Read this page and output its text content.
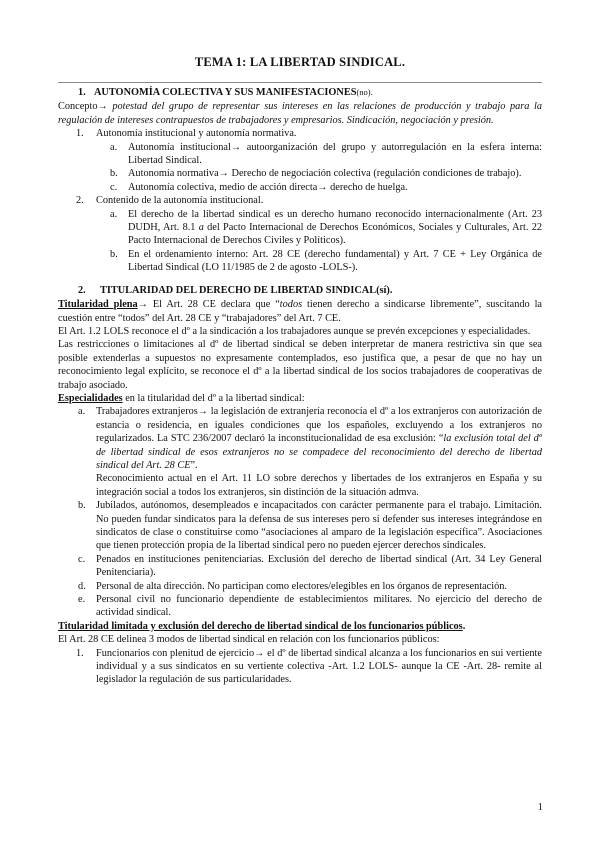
TEMA 1: LA LIBERTAD SINDICAL.

1. AUTONOMÍA COLECTIVA Y SUS MANIFESTACIONES(no).

Concepto→ potestad del grupo de representar sus intereses en las relaciones de producción y trabajo para la regulación de intereses contrapuestos de trabajadores y empresarios. Sindicación, negociación y presión.

1. Autonomía institucional y autonomía normativa.

a. Autonomía institucional→ autoorganización del grupo y autorregulación en la esfera interna: Libertad Sindical.

b. Autonomía normativa→ Derecho de negociación colectiva (regulación condiciones de trabajo).

c. Autonomía colectiva, medio de acción directa→ derecho de huelga.

2. Contenido de la autonomía institucional.

a. El derecho de la libertad sindical es un derecho humano reconocido internacionalmente (Art. 23 DUDH, Art. 8.1 a del Pacto Internacional de Derechos Económicos, Sociales y Culturales, Art. 22 Pacto Internacional de Derechos Civiles y Políticos).

b. En el ordenamiento interno: Art. 28 CE (derecho fundamental) y Art. 7 CE + Ley Orgánica de Libertad Sindical (LO 11/1985 de 2 de agosto -LOLS-).

2. TITULARIDAD DEL DERECHO DE LIBERTAD SINDICAL(sí).

Titularidad plena→ El Art. 28 CE declara que “todos tienen derecho a sindicarse libremente”, suscitando la cuestión entre “todos” del Art. 28 CE y “trabajadores” del Art. 7 CE.

El Art. 1.2 LOLS reconoce el dº a la sindicación a los trabajadores aunque se prevén excepciones y especialidades.

Las restricciones o limitaciones al dº de libertad sindical se deben interpretar de manera restrictiva sin que sea posible extenderlas a supuestos no expresamente contemplados, eso justifica que, a pesar de que no hay un reconocimiento legal explícito, se reconoce el dº a la libertad sindical de los socios trabajadores de cooperativas de trabajo asociado.

Especialidades en la titularidad del dº a la libertad sindical:

a. Trabajadores extranjeros→ la legislación de extranjería reconocía el dº a los extranjeros con autorización de estancia o residencia, en iguales condiciones que los españoles, excluyendo a los extranjeros no regularizados. La STC 236/2007 declaró la inconstitucionalidad de esa exclusión: “la exclusión total del dº de libertad sindical de esos extranjeros no se compadece del reconocimiento del derecho de libertad sindical del Art. 28 CE”.

Reconocimiento actual en el Art. 11 LO sobre derechos y libertades de los extranjeros en España y su integración social a todos los extranjeros, sin distinción de la situación admva.

b. Jubilados, autónomos, desempleados e incapacitados con carácter permanente para el trabajo. Limitación. No pueden fundar sindicatos para la defensa de sus intereses pero sí defender sus intereses integrándose en sindicatos de clase o constituirse como “asociaciones al amparo de la legislación específica”. Asociaciones que tienen protección propia de la libertad sindical pero no pueden ejercer derechos sindicales.

c. Penados en instituciones penitenciarias. Exclusión del derecho de libertad sindical (Art. 34 Ley General Penitenciaria).

d. Personal de alta dirección. No participan como electores/elegibles en los órganos de representación.

e. Personal civil no funcionario dependiente de establecimientos militares. No ejercicio del derecho de actividad sindical.

Titularidad limitada y exclusión del derecho de libertad sindical de los funcionarios públicos.

El Art. 28 CE delinea 3 modos de libertad sindical en relación con los funcionarios públicos:

1. Funcionarios con plenitud de ejercicio→ el dº de libertad sindical alcanza a los funcionarios en sui vertiente individual y a sus sindicatos en su vertiente colectiva -Art. 1.2 LOLS- aunque la CE -Art. 28- remite al legislador la regulación de sus particularidades.

1
